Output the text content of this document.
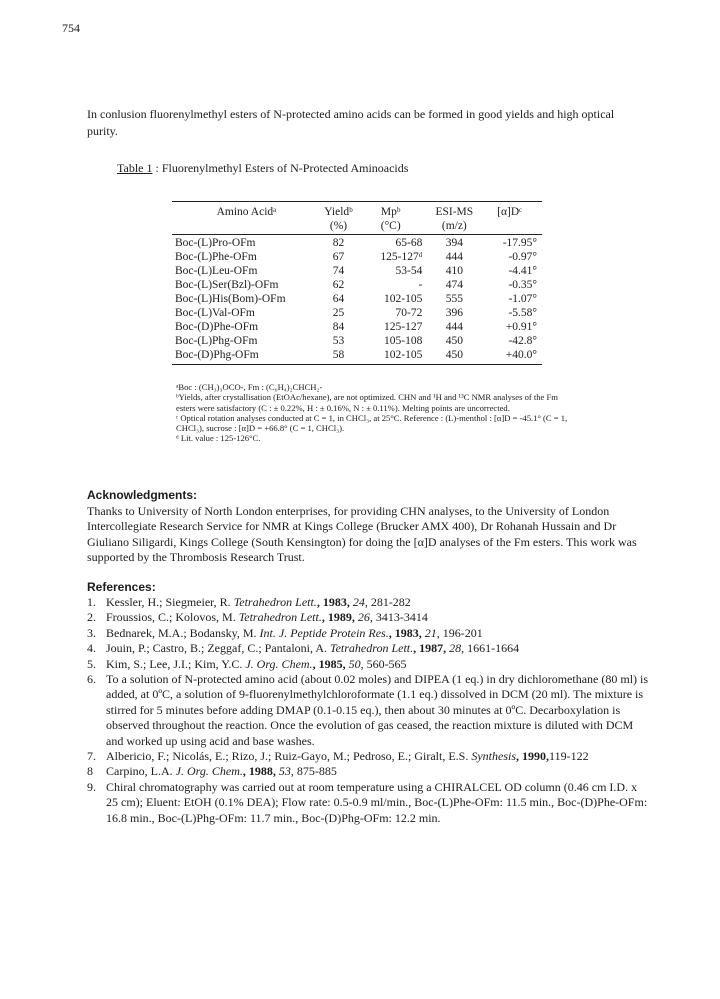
754

In conlusion fluorenylmethyl esters of N-protected amino acids can be formed in good yields and high optical purity.

Table 1 : Fluorenylmethyl Esters of N-Protected Aminoacids
Amino Acidᵃ	Yieldᵇ	Mpᵇ	ESI-MS	[α]Dᶜ
	(%)	(°C)	(m/z)	
Boc-(L)Pro-OFm	82	65-68	394	-17.95°
Boc-(L)Phe-OFm	67	125-127ᵈ	444	-0.97°
Boc-(L)Leu-OFm	74	53-54	410	-4.41°
Boc-(L)Ser(Bzl)-OFm	62	-	474	-0.35°
Boc-(L)His(Bom)-OFm	64	102-105	555	-1.07°
Boc-(L)Val-OFm	25	70-72	396	-5.58°
Boc-(D)Phe-OFm	84	125-127	444	+0.91°
Boc-(L)Phg-OFm	53	105-108	450	-42.8°
Boc-(D)Phg-OFm	58	102-105	450	+40.0°

ᵃBoc : (CH₃)₃OCO-, Fm : (C₆H₄)₂CHCH₂-

ᵇYields, after crystallisation (EtOAc/hexane), are not optimized. CHN and ¹H and ¹³C NMR analyses of the Fm esters were satisfactory (C : ± 0.22%, H : ± 0.16%, N : ± 0.11%). Melting points are uncorrected.

ᶜ Optical rotation analyses conducted at C = 1, in CHCl₃, at 25°C. Reference : (L)-menthol : [α]D = -45.1° (C = 1, CHCl₃), sucrose : [α]D = +66.8° (C = 1, CHCl₃).

ᵈ Lit. value : 125-126°C.

Acknowledgments:

Thanks to University of North London enterprises, for providing CHN analyses, to the University of London Intercollegiate Research Service for NMR at Kings College (Brucker AMX 400), Dr Rohanah Hussain and Dr Giuliano Siligardi, Kings College (South Kensington) for doing the [α]D analyses of the Fm esters. This work was supported by the Thrombosis Research Trust.

References:
1. Kessler, H.; Siegmeier, R. Tetrahedron Lett., 1983, 24, 281-282
2. Froussios, C.; Kolovos, M. Tetrahedron Lett., 1989, 26, 3413-3414
3. Bednarek, M.A.; Bodansky, M. Int. J. Peptide Protein Res., 1983, 21, 196-201
4. Jouin, P.; Castro, B.; Zeggaf, C.; Pantaloni, A. Tetrahedron Lett., 1987, 28, 1661-1664
5. Kim, S.; Lee, J.I.; Kim, Y.C. J. Org. Chem., 1985, 50, 560-565
6. To a solution of N-protected amino acid (about 0.02 moles) and DIPEA (1 eq.) in dry dichloromethane (80 ml) is added, at 0ºC, a solution of 9-fluorenylmethylchloroformate (1.1 eq.) dissolved in DCM (20 ml). The mixture is stirred for 5 minutes before adding DMAP (0.1-0.15 eq.), then about 30 minutes at 0ºC. Decarboxylation is observed throughout the reaction. Once the evolution of gas ceased, the reaction mixture is diluted with DCM and worked up using acid and base washes.
7. Albericio, F.; Nicolás, E.; Rizo, J.; Ruiz-Gayo, M.; Pedroso, E.; Giralt, E.S. Synthesis, 1990,119-122
8 Carpino, L.A. J. Org. Chem., 1988, 53, 875-885
9. Chiral chromatography was carried out at room temperature using a CHIRALCEL OD column (0.46 cm I.D. x 25 cm); Eluent: EtOH (0.1% DEA); Flow rate: 0.5-0.9 ml/min., Boc-(L)Phe-OFm: 11.5 min., Boc-(D)Phe-OFm: 16.8 min., Boc-(L)Phg-OFm: 11.7 min., Boc-(D)Phg-OFm: 12.2 min.
